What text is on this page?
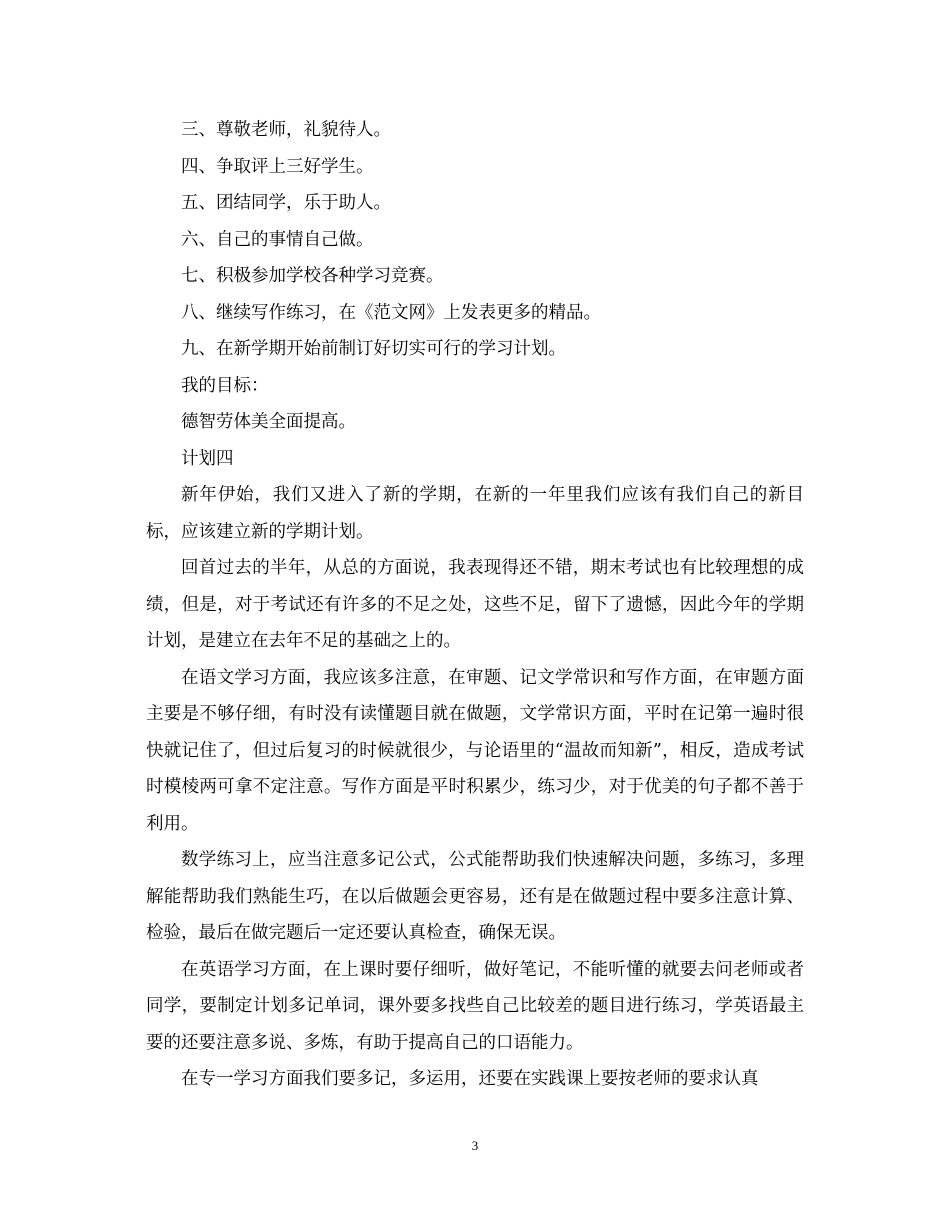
三、尊敬老师，礼貌待人。

四、争取评上三好学生。

五、团结同学，乐于助人。

六、自己的事情自己做。

七、积极参加学校各种学习竞赛。

八、继续写作练习，在《范文网》上发表更多的精品。

九、在新学期开始前制订好切实可行的学习计划。

我的目标：

德智劳体美全面提高。

计划四

新年伊始，我们又进入了新的学期，在新的一年里我们应该有我们自己的新目标，应该建立新的学期计划。

回首过去的半年，从总的方面说，我表现得还不错，期末考试也有比较理想的成绩，但是，对于考试还有许多的不足之处，这些不足，留下了遗憾，因此今年的学期计划，是建立在去年不足的基础之上的。

在语文学习方面，我应该多注意，在审题、记文学常识和写作方面，在审题方面主要是不够仔细，有时没有读懂题目就在做题，文学常识方面，平时在记第一遍时很快就记住了，但过后复习的时候就很少，与论语里的“温故而知新”，相反，造成考试时模棱两可拿不定注意。写作方面是平时积累少，练习少，对于优美的句子都不善于利用。

数学练习上，应当注意多记公式，公式能帮助我们快速解决问题，多练习，多理解能帮助我们熟能生巧，在以后做题会更容易，还有是在做题过程中要多注意计算、检验，最后在做完题后一定还要认真检查，确保无误。

在英语学习方面，在上课时要仔细听，做好笔记，不能听懂的就要去问老师或者同学，要制定计划多记单词，课外要多找些自己比较差的题目进行练习，学英语最主要的还要注意多说、多炼，有助于提高自己的口语能力。

在专一学习方面我们要多记，多运用，还要在实践课上要按老师的要求认真

3
